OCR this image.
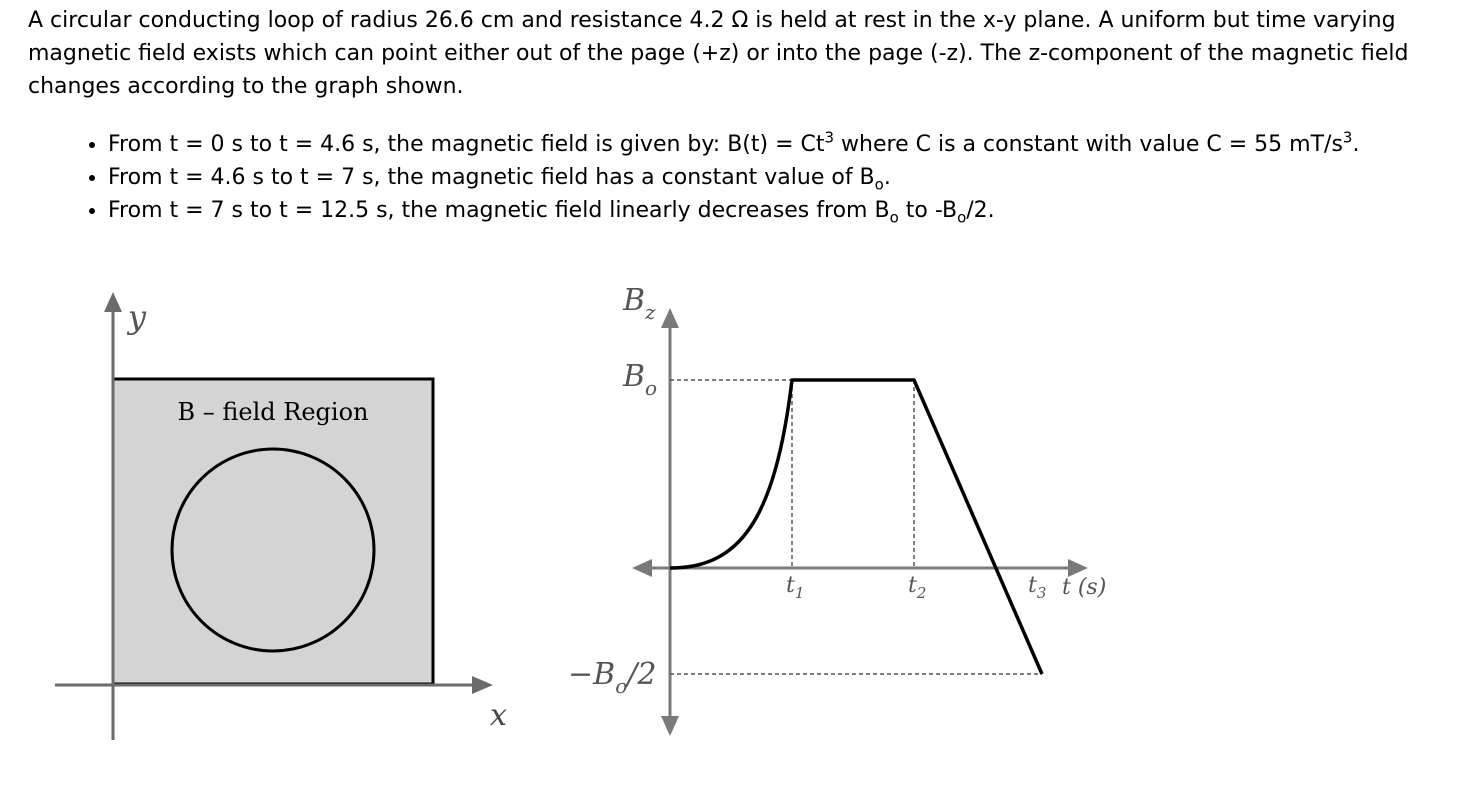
A circular conducting loop of radius 26.6 cm and resistance 4.2 Ω is held at rest in the x-y plane. A uniform but time varying magnetic field exists which can point either out of the page (+z) or into the page (-z). The z-component of the magnetic field changes according to the graph shown.
• From t = 0 s to t = 4.6 s, the magnetic field is given by: $B(t) = Ct^3$ where C is a constant with value C = 55 $mT/s^3$.
• From t = 4.6 s to t = 7 s, the magnetic field has a constant value of $B_o$.
• From t = 7 s to t = 12.5 s, the magnetic field linearly decreases from $B_o$ to $-B_o/2$.
B – field Region
y
x
$B_z$
$B_o$
$-B_o/2$
$t_1$	$t_2$	$t_3$ t (s)
